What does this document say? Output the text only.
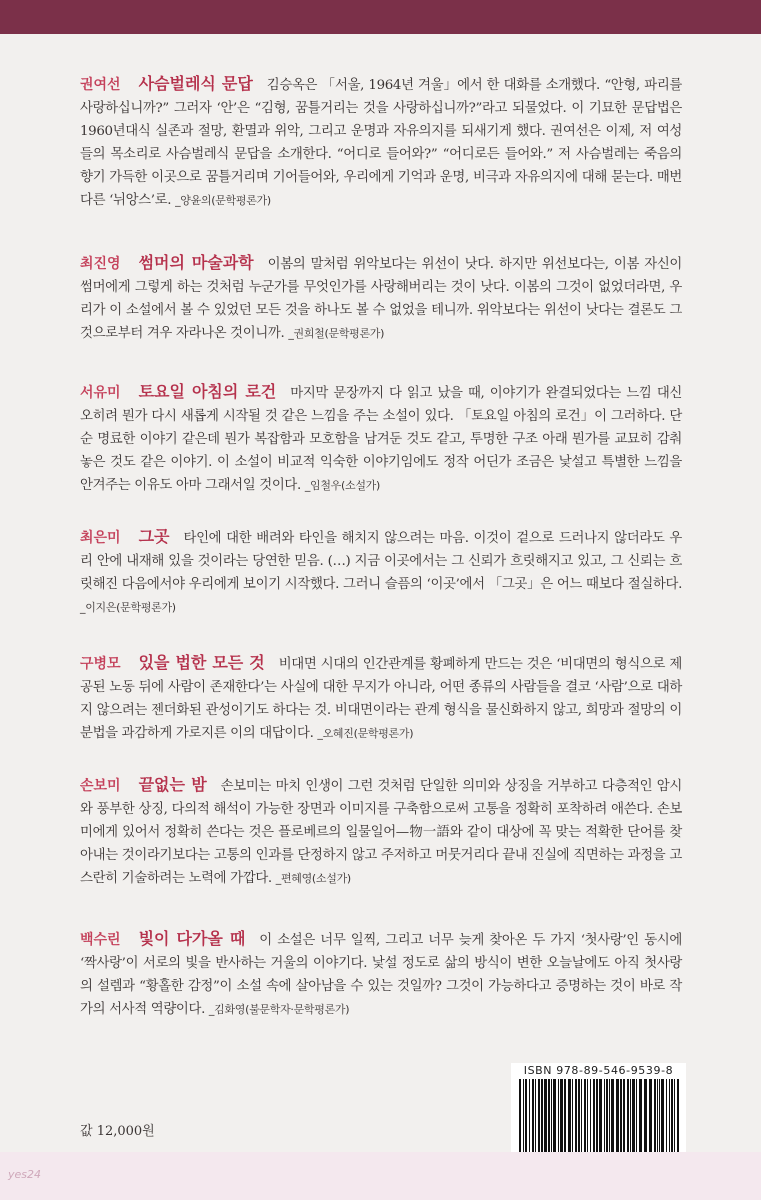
권여선 사슴벌레식 문답 김승옥은 「서울, 1964년 겨울」에서 한 대화를 소개했다. “안형, 파리를 사랑하십니까?” 그러자 ‘안’은 “김형, 꿈틀거리는 것을 사랑하십니까?”라고 되물었다. 이 기묘한 문답법은 1960년대식 실존과 절망, 환멸과 위악, 그리고 운명과 자유의지를 되새기게 했다. 권여선은 이제, 저 여성들의 목소리로 사슴벌레식 문답을 소개한다. “어디로 들어와?” “어디로든 들어와.” 저 사슴벌레는 죽음의 향기 가득한 이곳으로 꿈틀거리며 기어들어와, 우리에게 기억과 운명, 비극과 자유의지에 대해 묻는다. 매번 다른 ‘뉘앙스’로. _양윤의(문학평론가)
최진영 썸머의 마술과학 이봄의 말처럼 위악보다는 위선이 낫다. 하지만 위선보다는, 이봄 자신이 썸머에게 그렇게 하는 것처럼 누군가를 무엇인가를 사랑해버리는 것이 낫다. 이봄의 그것이 없었더라면, 우리가 이 소설에서 볼 수 있었던 모든 것을 하나도 볼 수 없었을 테니까. 위악보다는 위선이 낫다는 결론도 그것으로부터 겨우 자라나온 것이니까. _권희철(문학평론가)
서유미 토요일 아침의 로건 마지막 문장까지 다 읽고 났을 때, 이야기가 완결되었다는 느낌 대신 오히려 뭔가 다시 새롭게 시작될 것 같은 느낌을 주는 소설이 있다. 「토요일 아침의 로건」이 그러하다. 단순 명료한 이야기 같은데 뭔가 복잡함과 모호함을 남겨둔 것도 같고, 투명한 구조 아래 뭔가를 교묘히 감춰놓은 것도 같은 이야기. 이 소설이 비교적 익숙한 이야기임에도 정작 어딘가 조금은 낯설고 특별한 느낌을 안겨주는 이유도 아마 그래서일 것이다. _임철우(소설가)
최은미 그곳 타인에 대한 배려와 타인을 해치지 않으려는 마음. 이것이 겉으로 드러나지 않더라도 우리 안에 내재해 있을 것이라는 당연한 믿음. (…) 지금 이곳에서는 그 신뢰가 흐릿해지고 있고, 그 신뢰는 흐릿해진 다음에서야 우리에게 보이기 시작했다. 그러니 슬픔의 ‘이곳’에서 「그곳」은 어느 때보다 절실하다. _이지은(문학평론가)
구병모 있을 법한 모든 것 비대면 시대의 인간관계를 황폐하게 만드는 것은 ‘비대면의 형식으로 제공된 노동 뒤에 사람이 존재한다’는 사실에 대한 무지가 아니라, 어떤 종류의 사람들을 결코 ‘사람’으로 대하지 않으려는 젠더화된 관성이기도 하다는 것. 비대면이라는 관계 형식을 물신화하지 않고, 희망과 절망의 이분법을 과감하게 가로지른 이의 대답이다. _오혜진(문학평론가)
손보미 끝없는 밤 손보미는 마치 인생이 그런 것처럼 단일한 의미와 상징을 거부하고 다층적인 암시와 풍부한 상징, 다의적 해석이 가능한 장면과 이미지를 구축함으로써 고통을 정확히 포착하려 애쓴다. 손보미에게 있어서 정확히 쓴다는 것은 플로베르의 일물일어—物一語와 같이 대상에 꼭 맞는 적확한 단어를 찾아내는 것이라기보다는 고통의 인과를 단정하지 않고 주저하고 머뭇거리다 끝내 진실에 직면하는 과정을 고스란히 기술하려는 노력에 가깝다. _편혜영(소설가)
백수린 빛이 다가올 때 이 소설은 너무 일찍, 그리고 너무 늦게 찾아온 두 가지 ‘첫사랑’인 동시에 ‘짝사랑’이 서로의 빛을 반사하는 거울의 이야기다. 낯설 정도로 삶의 방식이 변한 오늘날에도 아직 첫사랑의 설렘과 “황홀한 감정”이 소설 속에 살아남을 수 있는 것일까? 그것이 가능하다고 증명하는 것이 바로 작가의 서사적 역량이다. _김화영(불문학자·문학평론가)
값 12,000원
ISBN 978-89-546-9539-8
yes24
